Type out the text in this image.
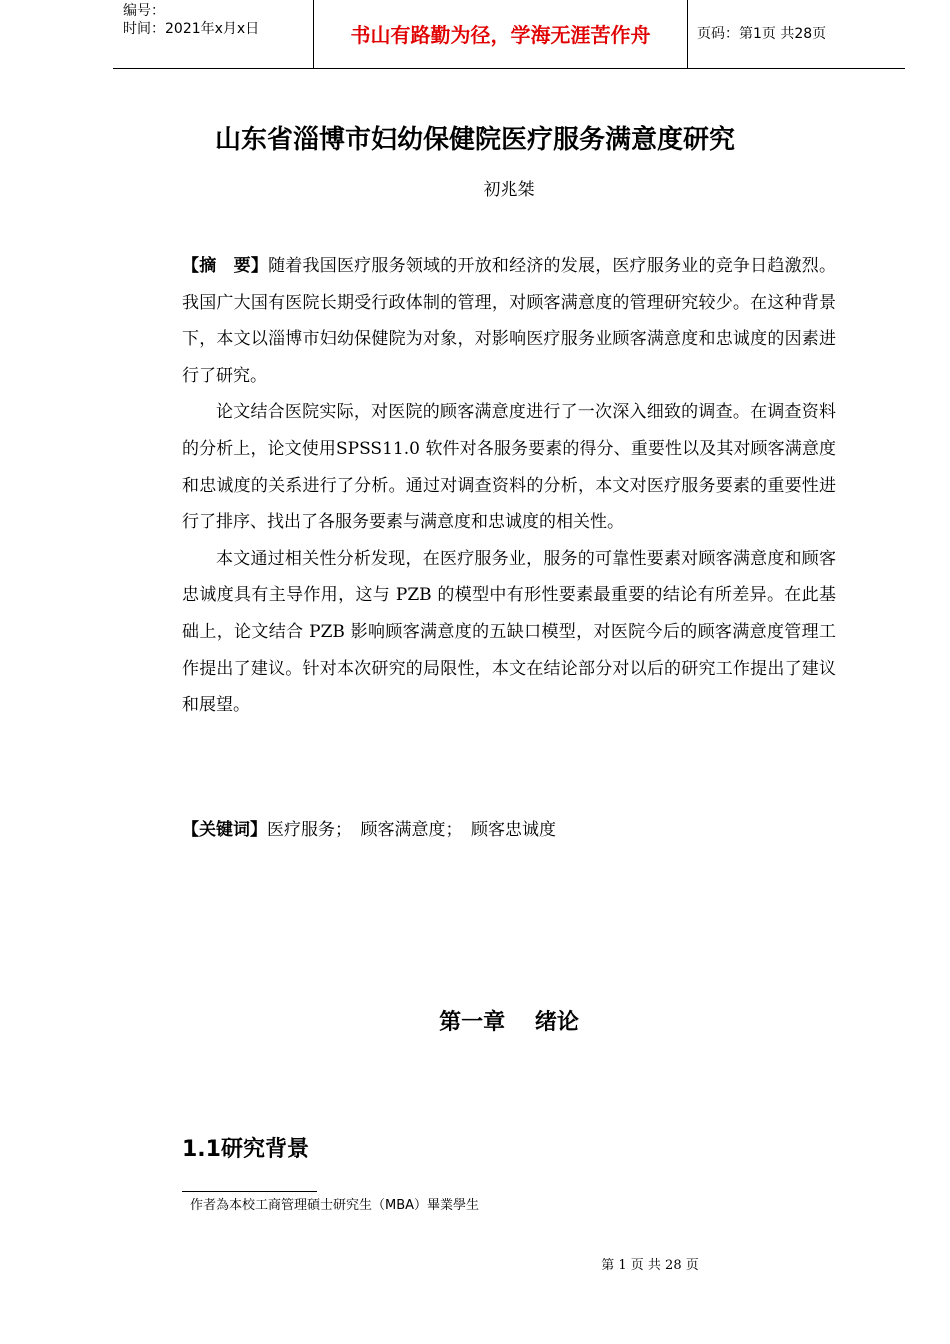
编号：
时间：2021年x月x日	书山有路勤为径，学海无涯苦作舟	页码：第1页 共28页
山东省淄博市妇幼保健院医疗服务满意度研究
初兆桀

【摘　要】随着我国医疗服务领域的开放和经济的发展，医疗服务业的竞争日趋激烈。我国广大国有医院长期受行政体制的管理，对顾客满意度的管理研究较少。在这种背景下，本文以淄博市妇幼保健院为对象，对影响医疗服务业顾客满意度和忠诚度的因素进行了研究。

论文结合医院实际，对医院的顾客满意度进行了一次深入细致的调查。在调查资料的分析上，论文使用SPSS11.0 软件对各服务要素的得分、重要性以及其对顾客满意度和忠诚度的关系进行了分析。通过对调查资料的分析，本文对医疗服务要素的重要性进行了排序、找出了各服务要素与满意度和忠诚度的相关性。

本文通过相关性分析发现，在医疗服务业，服务的可靠性要素对顾客满意度和顾客忠诚度具有主导作用，这与 PZB 的模型中有形性要素最重要的结论有所差异。在此基础上，论文结合 PZB 影响顾客满意度的五缺口模型，对医院今后的顾客满意度管理工作提出了建议。针对本次研究的局限性，本文在结论部分对以后的研究工作提出了建议和展望。

【关键词】医疗服务；　顾客满意度；　顾客忠诚度
第一章　 绪论
1.1研究背景
作者為本校工商管理碩士研究生（MBA）畢業學生
第 1 页 共 28 页
